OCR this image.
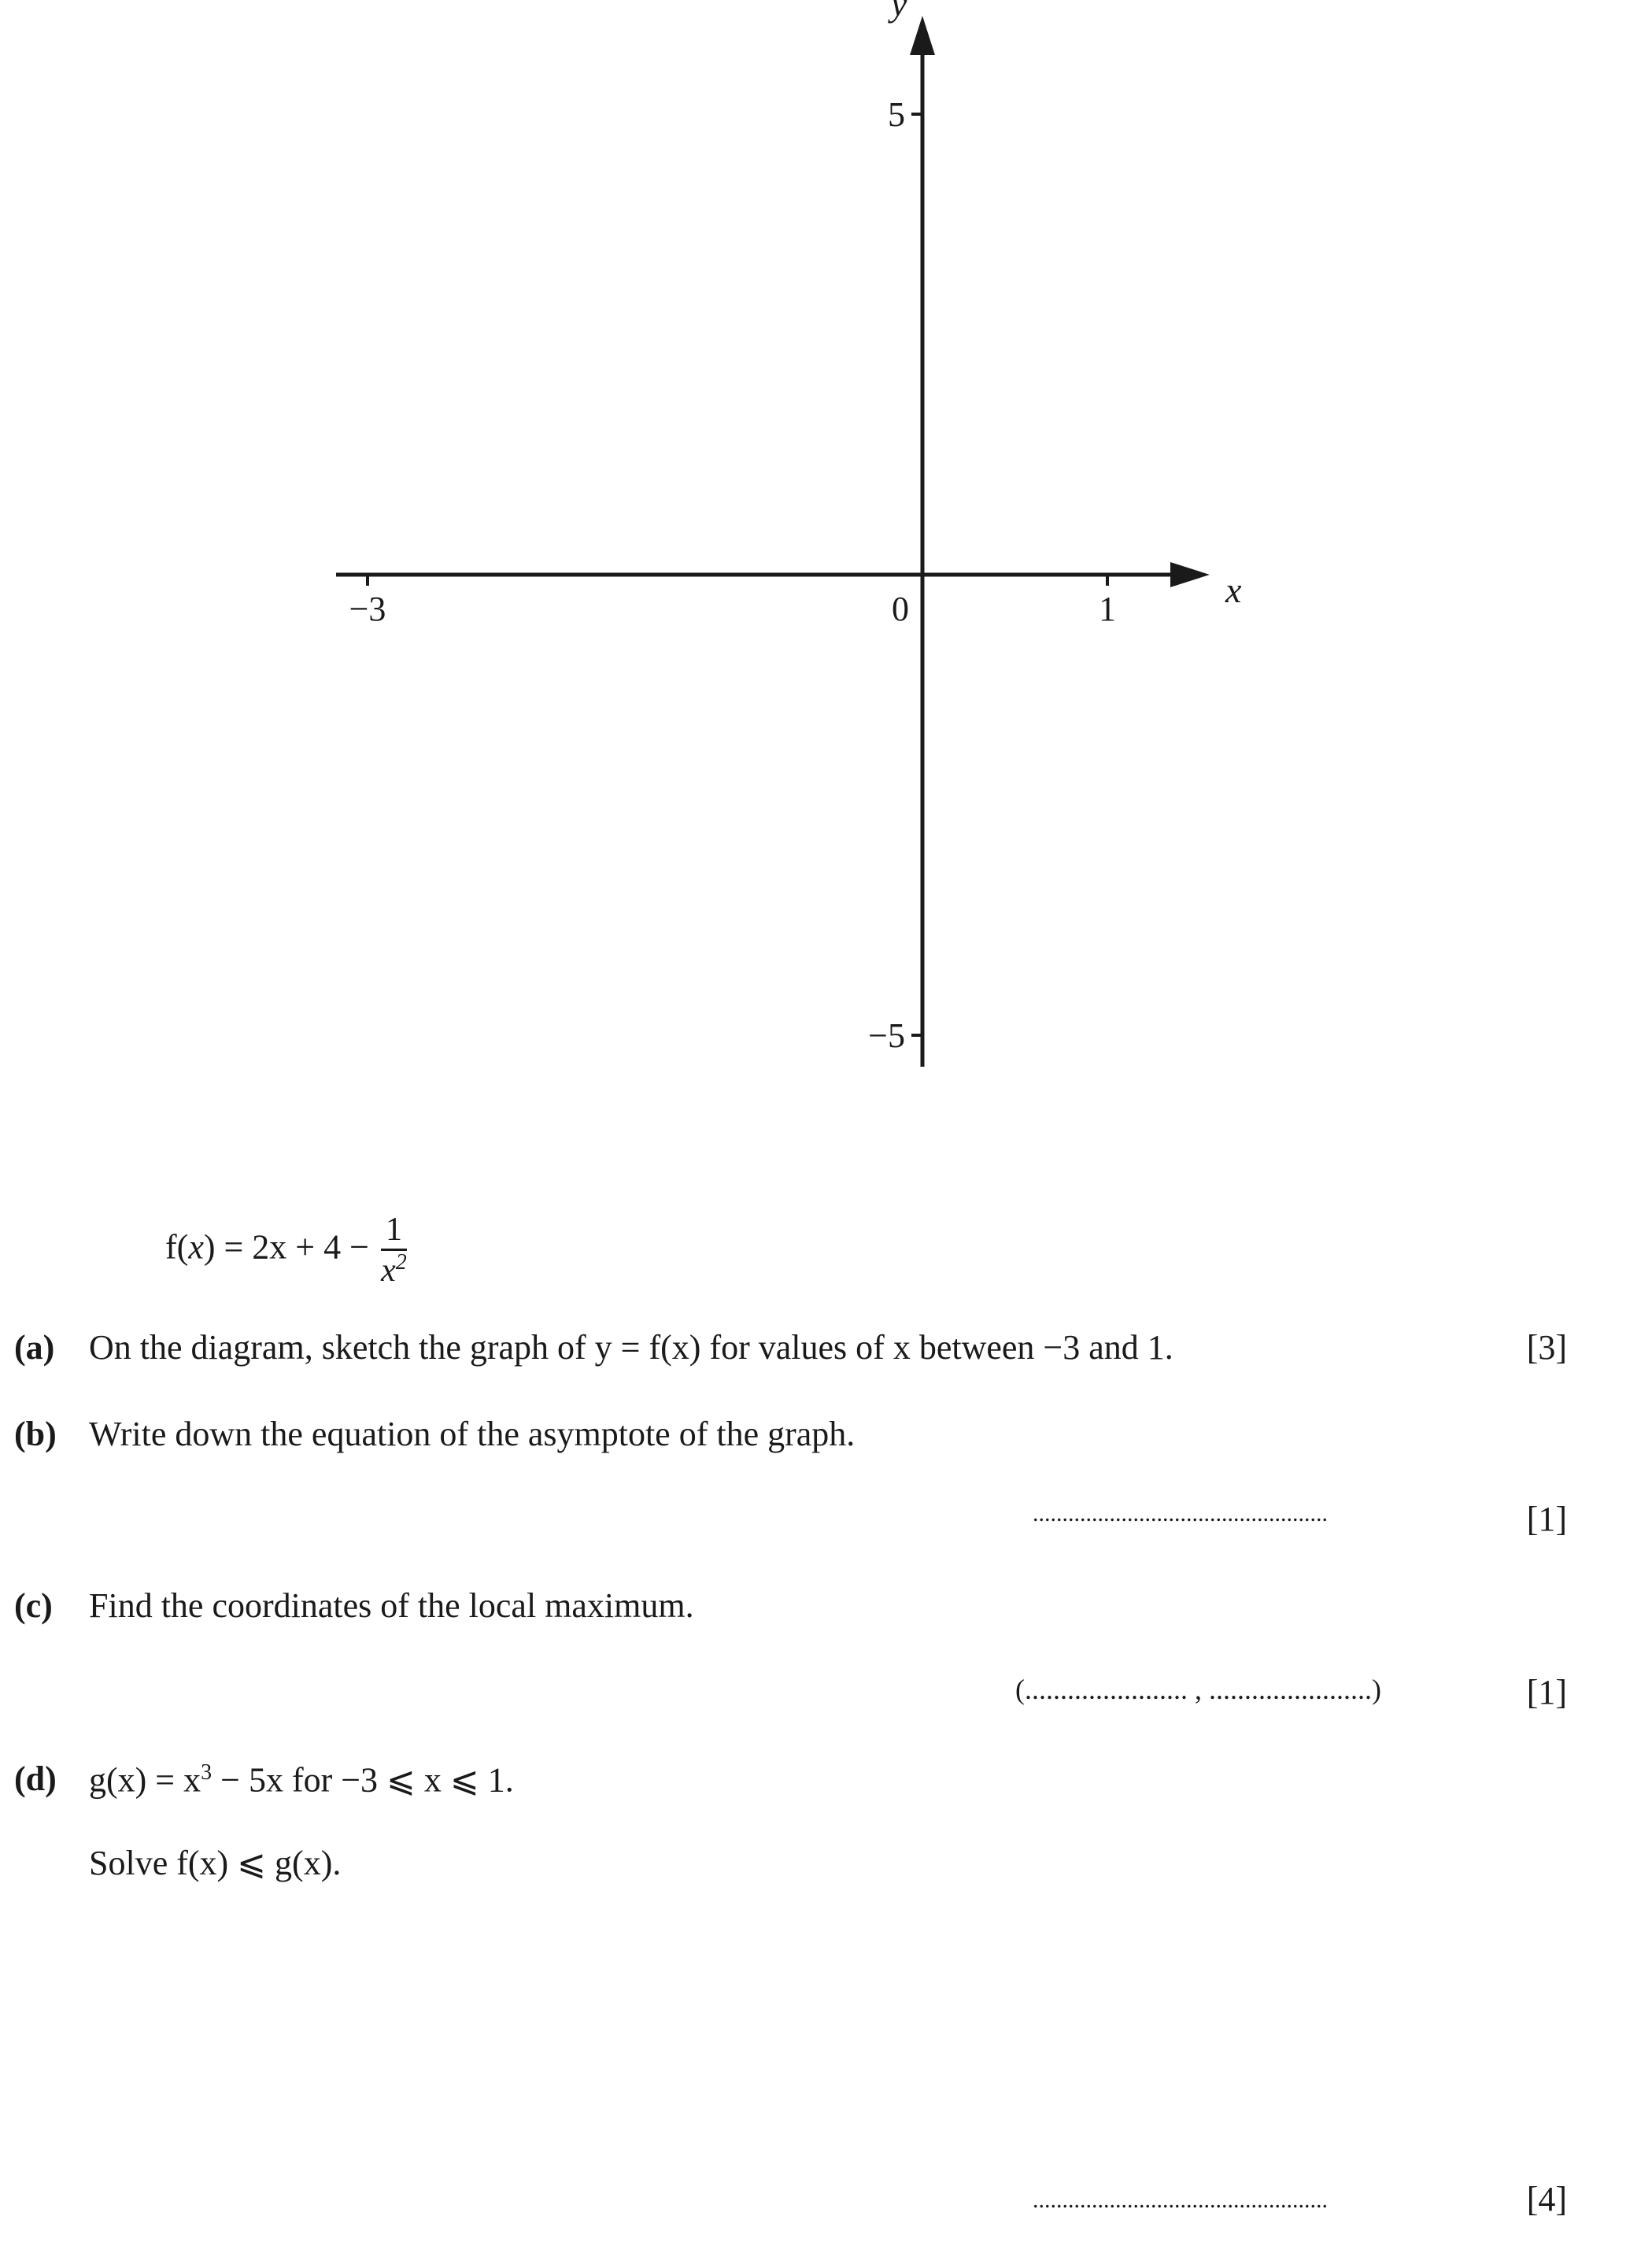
−3	0	1
5
−5
x
y
$f(x) = 2x + 4 - \frac{1}{x^2}$
(a) On the diagram, sketch the graph of y = f(x) for values of x between −3 and 1.	[3]
(b) Write down the equation of the asymptote of the graph.
..................................................	[1]
(c) Find the coordinates of the local maximum.
(....................... , .......................)	[1]
(d) $g(x) = x^3 - 5x$ for −3 ⩽ x ⩽ 1.
Solve f(x) ⩽ g(x).
..................................................	[4]
